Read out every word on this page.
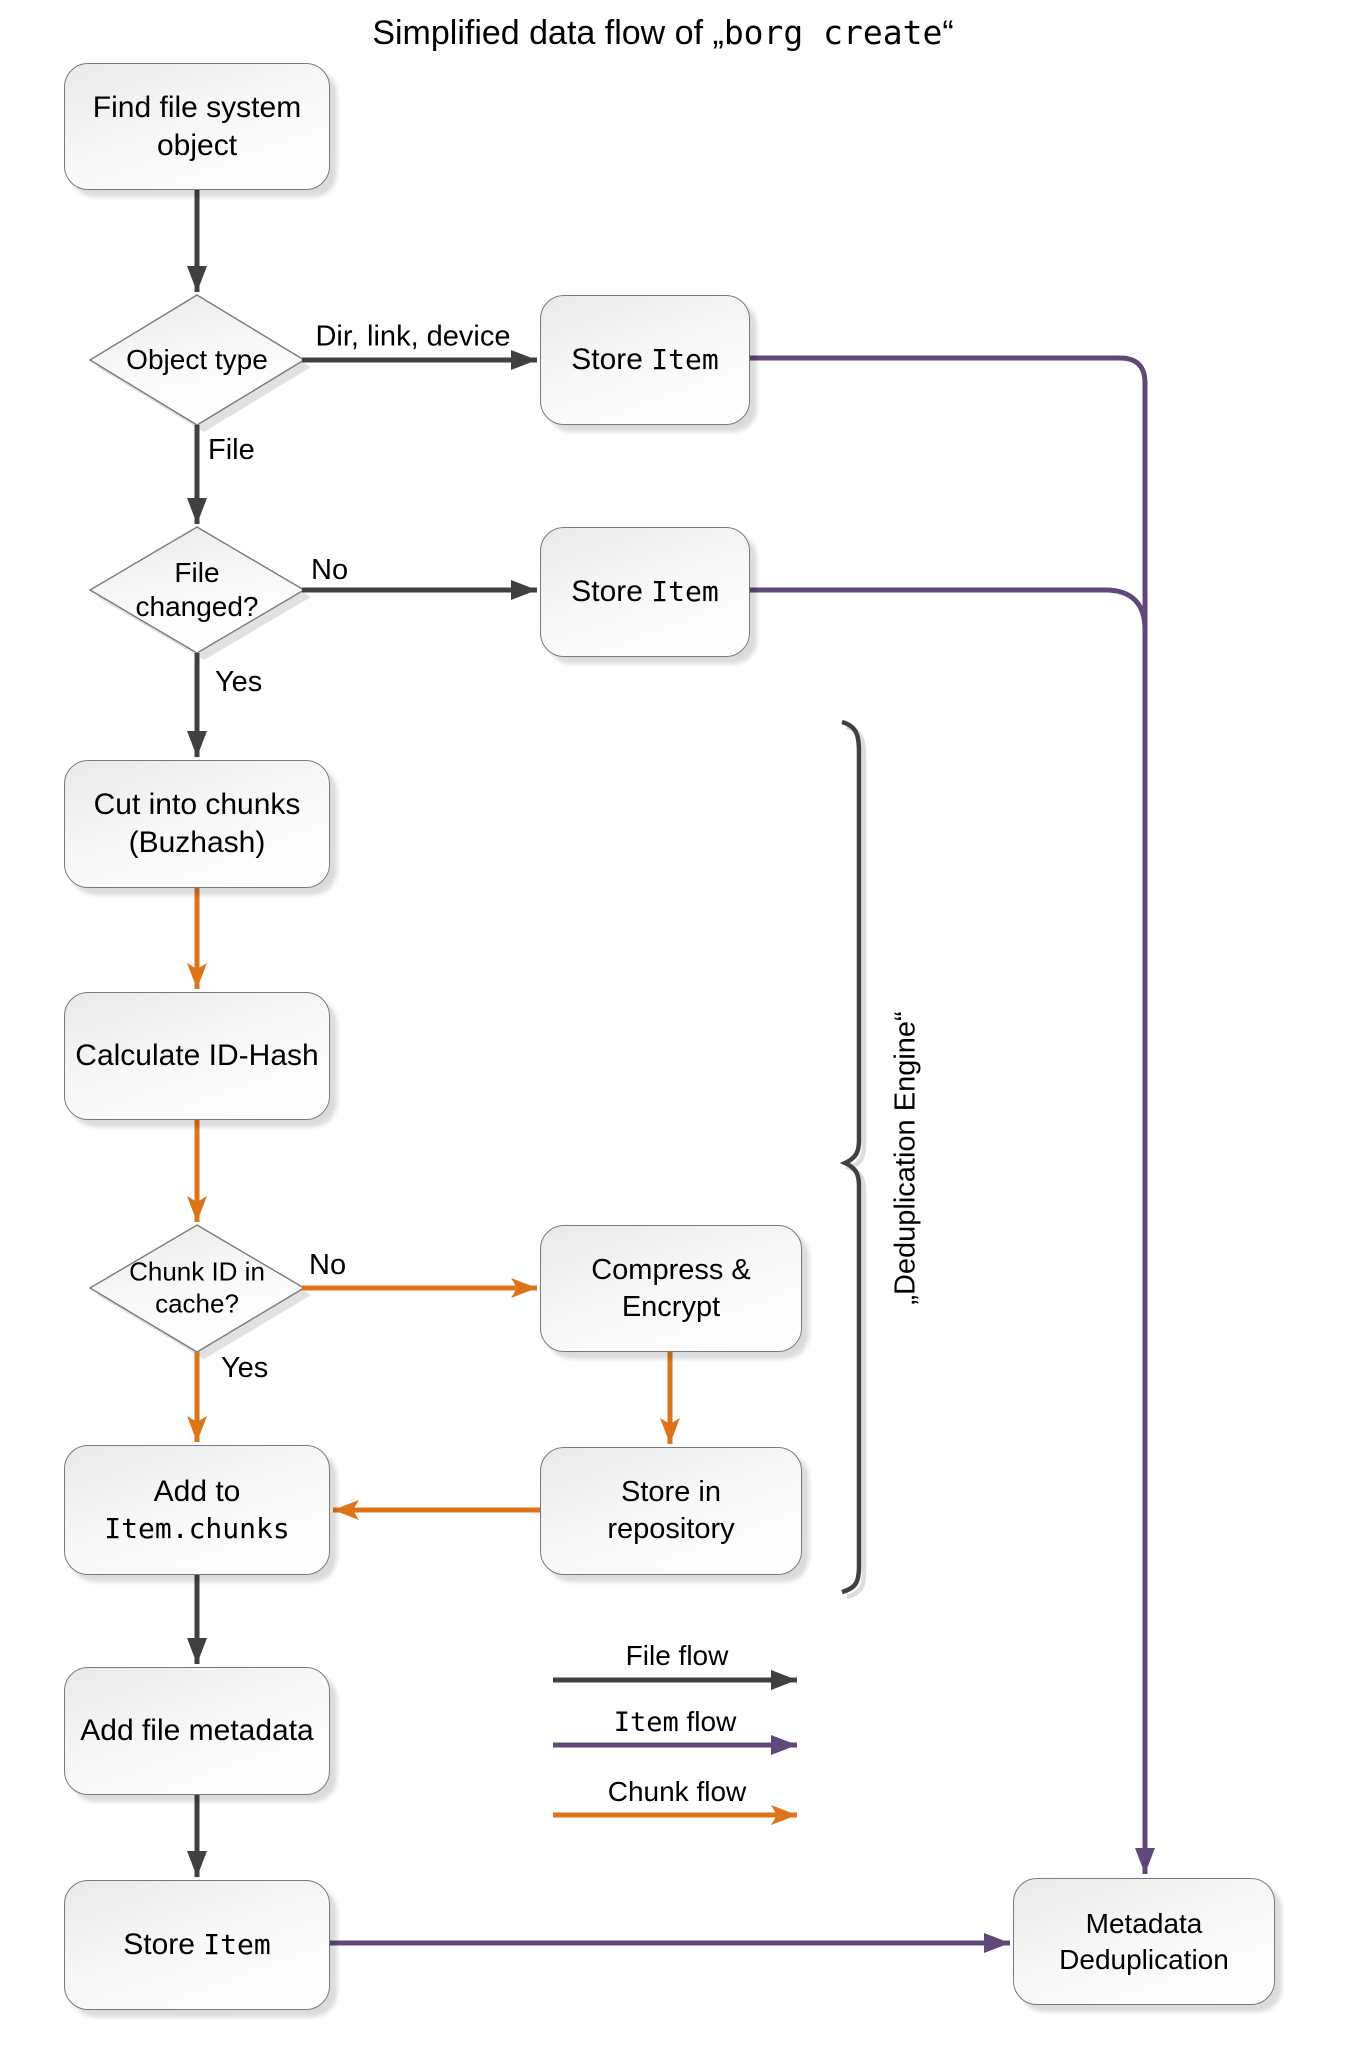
Simplified data flow of „borg create“
Find file system
object
Cut into chunks
(Buzhash)
Calculate ID-Hash
Add to
Item.chunks
Add file metadata
Store Item
Store Item
Store Item
Compress &
Encrypt
Store in
repository
Metadata
Deduplication
Object type
File
changed?
Chunk ID in
cache?
Dir, link, device
File
No
Yes
No
Yes
„Deduplication Engine“
File flow
Item flow
Chunk flow
